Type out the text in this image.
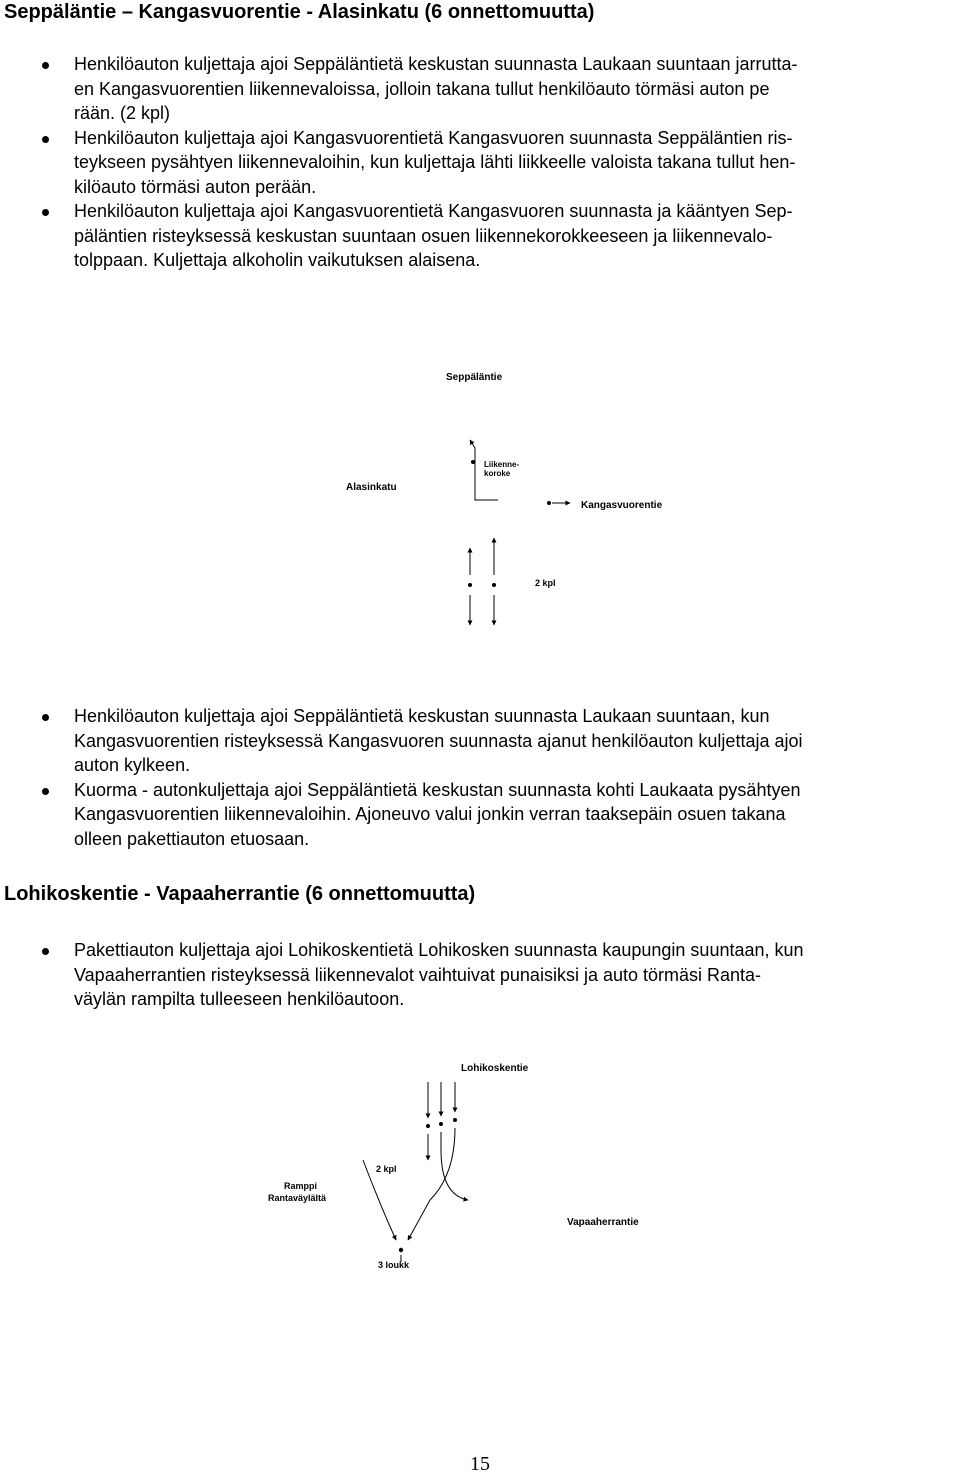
Seppäläntie – Kangasvuorentie - Alasinkatu (6 onnettomuutta)
Henkilöauton kuljettaja ajoi Seppäläntietä keskustan suunnasta Laukaan suuntaan jarrutta-
en Kangasvuorentien liikennevaloissa, jolloin takana tullut henkilöauto törmäsi auton pe
rään. (2 kpl)
Henkilöauton kuljettaja ajoi Kangasvuorentietä Kangasvuoren suunnasta Seppäläntien ris-
teykseen pysähtyen liikennevaloihin, kun kuljettaja lähti liikkeelle valoista takana tullut hen-
kilöauto törmäsi auton perään.
Henkilöauton kuljettaja ajoi Kangasvuorentietä Kangasvuoren suunnasta ja kääntyen Sep-
päläntien risteyksessä keskustan suuntaan osuen liikennekorokkeeseen ja liikennevalo-
tolppaan. Kuljettaja alkoholin vaikutuksen alaisena.
Seppäläntie
Alasinkatu
Liikenne-
koroke
Kangasvuorentie
2 kpl
Henkilöauton kuljettaja ajoi Seppäläntietä keskustan suunnasta Laukaan suuntaan, kun
Kangasvuorentien risteyksessä Kangasvuoren suunnasta ajanut henkilöauton kuljettaja ajoi
auton kylkeen.
Kuorma - autonkuljettaja ajoi Seppäläntietä keskustan suunnasta kohti Laukaata pysähtyen
Kangasvuorentien liikennevaloihin. Ajoneuvo valui jonkin verran taaksepäin osuen takana
olleen pakettiauton etuosaan.
Lohikoskentie - Vapaaherrantie (6 onnettomuutta)
Pakettiauton kuljettaja ajoi Lohikoskentietä Lohikosken suunnasta kaupungin suuntaan, kun
Vapaaherrantien risteyksessä liikennevalot vaihtuivat punaisiksi ja auto törmäsi Ranta-
väylän rampilta tulleeseen henkilöautoon.
Lohikoskentie
2 kpl
Ramppi
Rantaväylältä
Vapaaherrantie
3 loukk
15
